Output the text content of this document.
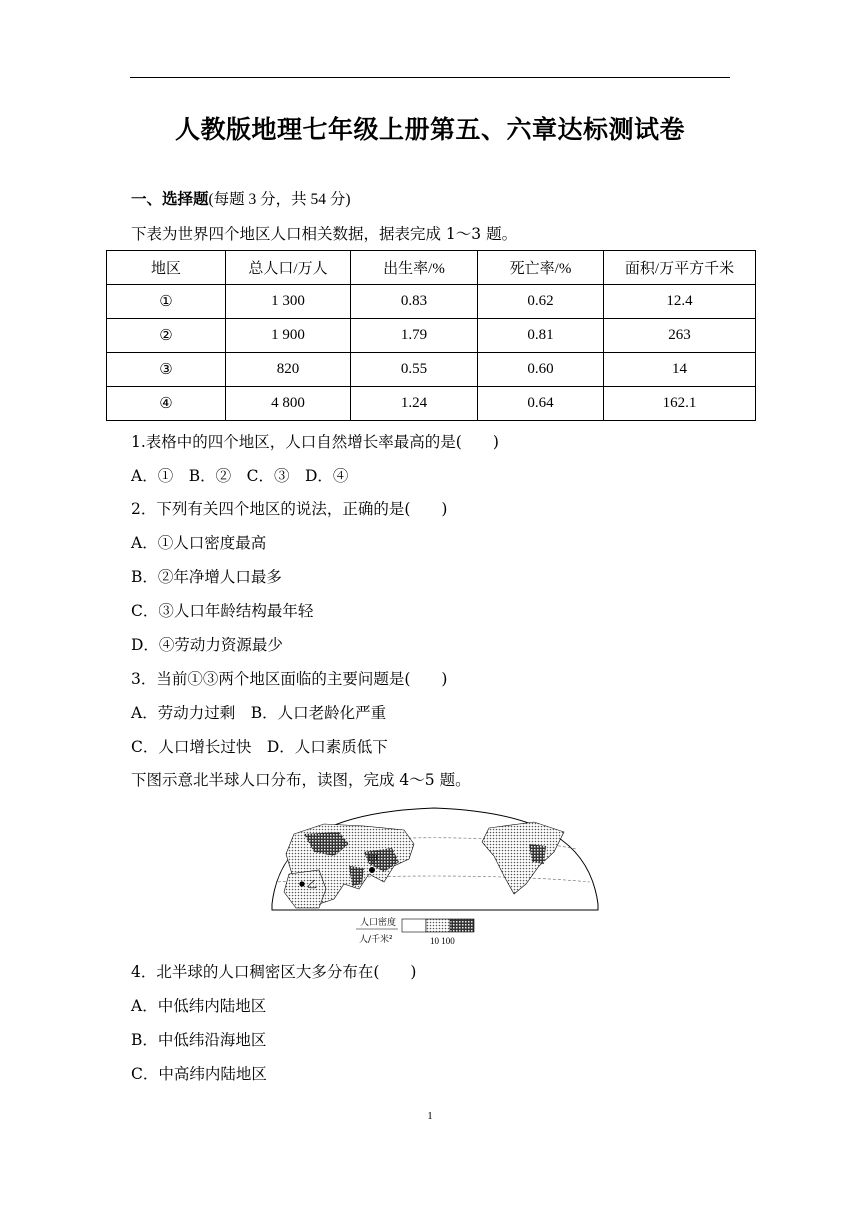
人教版地理七年级上册第五、六章达标测试卷
一、选择题(每题 3 分，共 54 分)
下表为世界四个地区人口相关数据，据表完成 1～3 题。
地区	总人口/万人	出生率/%	死亡率/%	面积/万平方千米
①	1 300	0.83	0.62	12.4
②	1 900	1.79	0.81	263
③	820	0.55	0.60	14
④	4 800	1.24	0.64	162.1
1.表格中的四个地区，人口自然增长率最高的是(　　)
A．①　B．②　C．③　D．④
2．下列有关四个地区的说法，正确的是(　　)
A．①人口密度最高
B．②年净增人口最多
C．③人口年龄结构最年轻
D．④劳动力资源最少
3．当前①③两个地区面临的主要问题是(　　)
A．劳动力过剩　B．人口老龄化严重
C．人口增长过快　D．人口素质低下
下图示意北半球人口分布，读图，完成 4～5 题。
甲
乙
人口密度
人/千米²	10 100
4．北半球的人口稠密区大多分布在(　　)
A．中低纬内陆地区
B．中低纬沿海地区
C．中高纬内陆地区
1
